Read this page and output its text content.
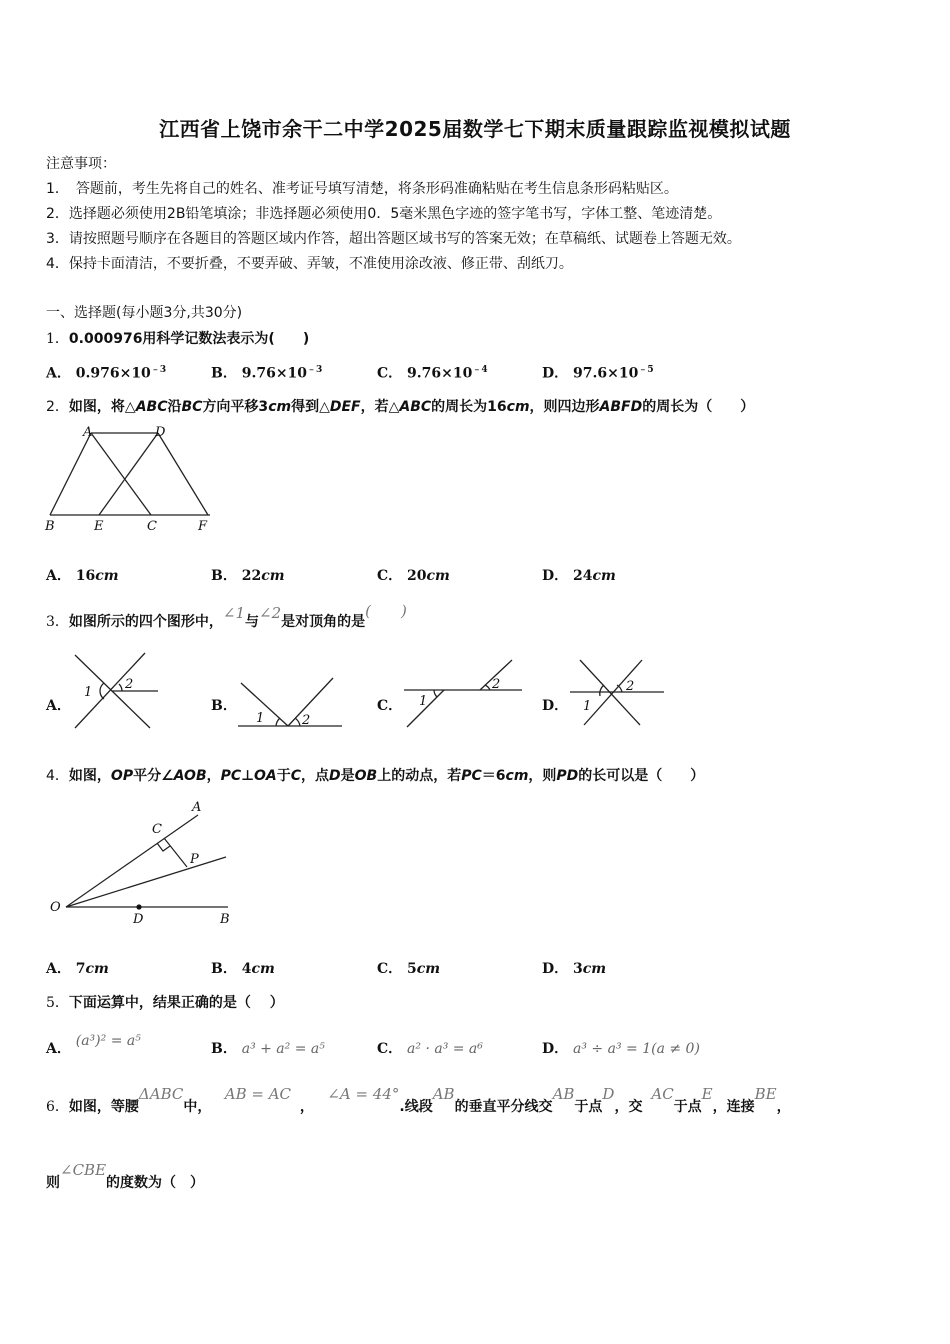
江西省上饶市余干二中学2025届数学七下期末质量跟踪监视模拟试题
注意事项：
1．　答题前，考生先将自己的姓名、准考证号填写清楚，将条形码准确粘贴在考生信息条形码粘贴区。
2．选择题必须使用2B铅笔填涂；非选择题必须使用0．5毫米黑色字迹的签字笔书写，字体工整、笔迹清楚。
3．请按照题号顺序在各题目的答题区域内作答，超出答题区域书写的答案无效；在草稿纸、试题卷上答题无效。
4．保持卡面清洁，不要折叠，不要弄破、弄皱，不准使用涂改液、修正带、刮纸刀。
一、选择题(每小题3分,共30分)
1．0.000976用科学记数法表示为(　　)
A． $0.976\times 10^{﹣3}$	B． $9.76\times 10^{﹣3}$	C． $9.76\times 10^{﹣4}$	D． $97.6\times 10^{﹣5}$
2．如图，将△ABC沿BC方向平移3cm得到△DEF，若△ABC的周长为16cm，则四边形ABFD的周长为（　　）
A	D
B	E	C	F
A． 16cm	B． 22cm	C． 20cm	D． 24cm
3．如图所示的四个图形中，∠1与∠2是对顶角的是(　　)
A．
1
2
B．
1	2
C． 1
2
D． 1
2
4．如图，OP平分∠AOB，PC⊥OA于C，点D是OB上的动点，若PC＝6cm，则PD的长可以是（　　）
A
C
P
O
D	B
A． 7cm	B． 4cm	C． 5cm	D． 3cm
5．下面运算中，结果正确的是（　 ）
A． (a³)² = a⁵	B． a³ + a² = a⁵	C． a² · a³ = a⁶	D． a³ ÷ a³ = 1(a ≠ 0)
6．如图，等腰ΔABC中，   AB = AC  ，   ∠A = 44°.线段AB的垂直平分线交AB于点D，交  AC于点E，连接BE，
则∠CBE的度数为（　）
